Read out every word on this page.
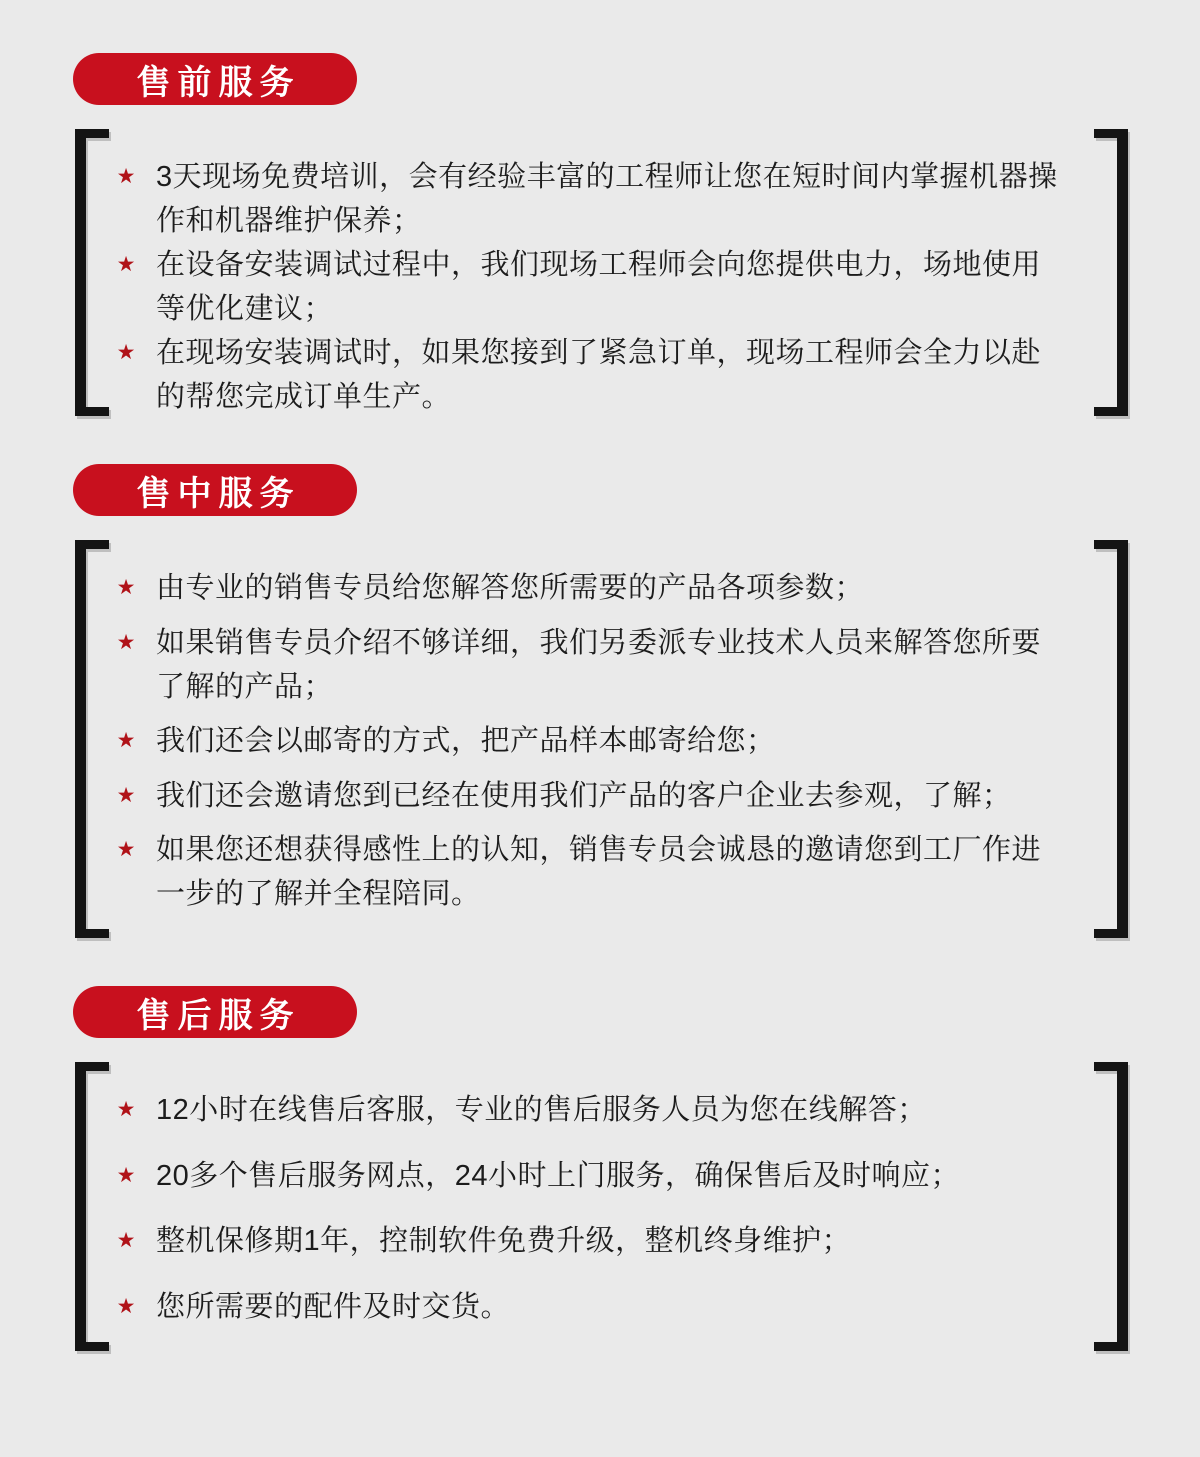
售前服务
★ 3天现场免费培训，会有经验丰富的工程师让您在短时间内掌握机器操作和机器维护保养；
★ 在设备安装调试过程中，我们现场工程师会向您提供电力，场地使用等优化建议；
★ 在现场安装调试时，如果您接到了紧急订单，现场工程师会全力以赴的帮您完成订单生产。
售中服务
★ 由专业的销售专员给您解答您所需要的产品各项参数；
★ 如果销售专员介绍不够详细，我们另委派专业技术人员来解答您所要了解的产品；
★ 我们还会以邮寄的方式，把产品样本邮寄给您；
★ 我们还会邀请您到已经在使用我们产品的客户企业去参观，了解；
★ 如果您还想获得感性上的认知，销售专员会诚恳的邀请您到工厂作进一步的了解并全程陪同。
售后服务
★ 12小时在线售后客服，专业的售后服务人员为您在线解答；
★ 20多个售后服务网点，24小时上门服务，确保售后及时响应；
★ 整机保修期1年，控制软件免费升级，整机终身维护；
★ 您所需要的配件及时交货。
